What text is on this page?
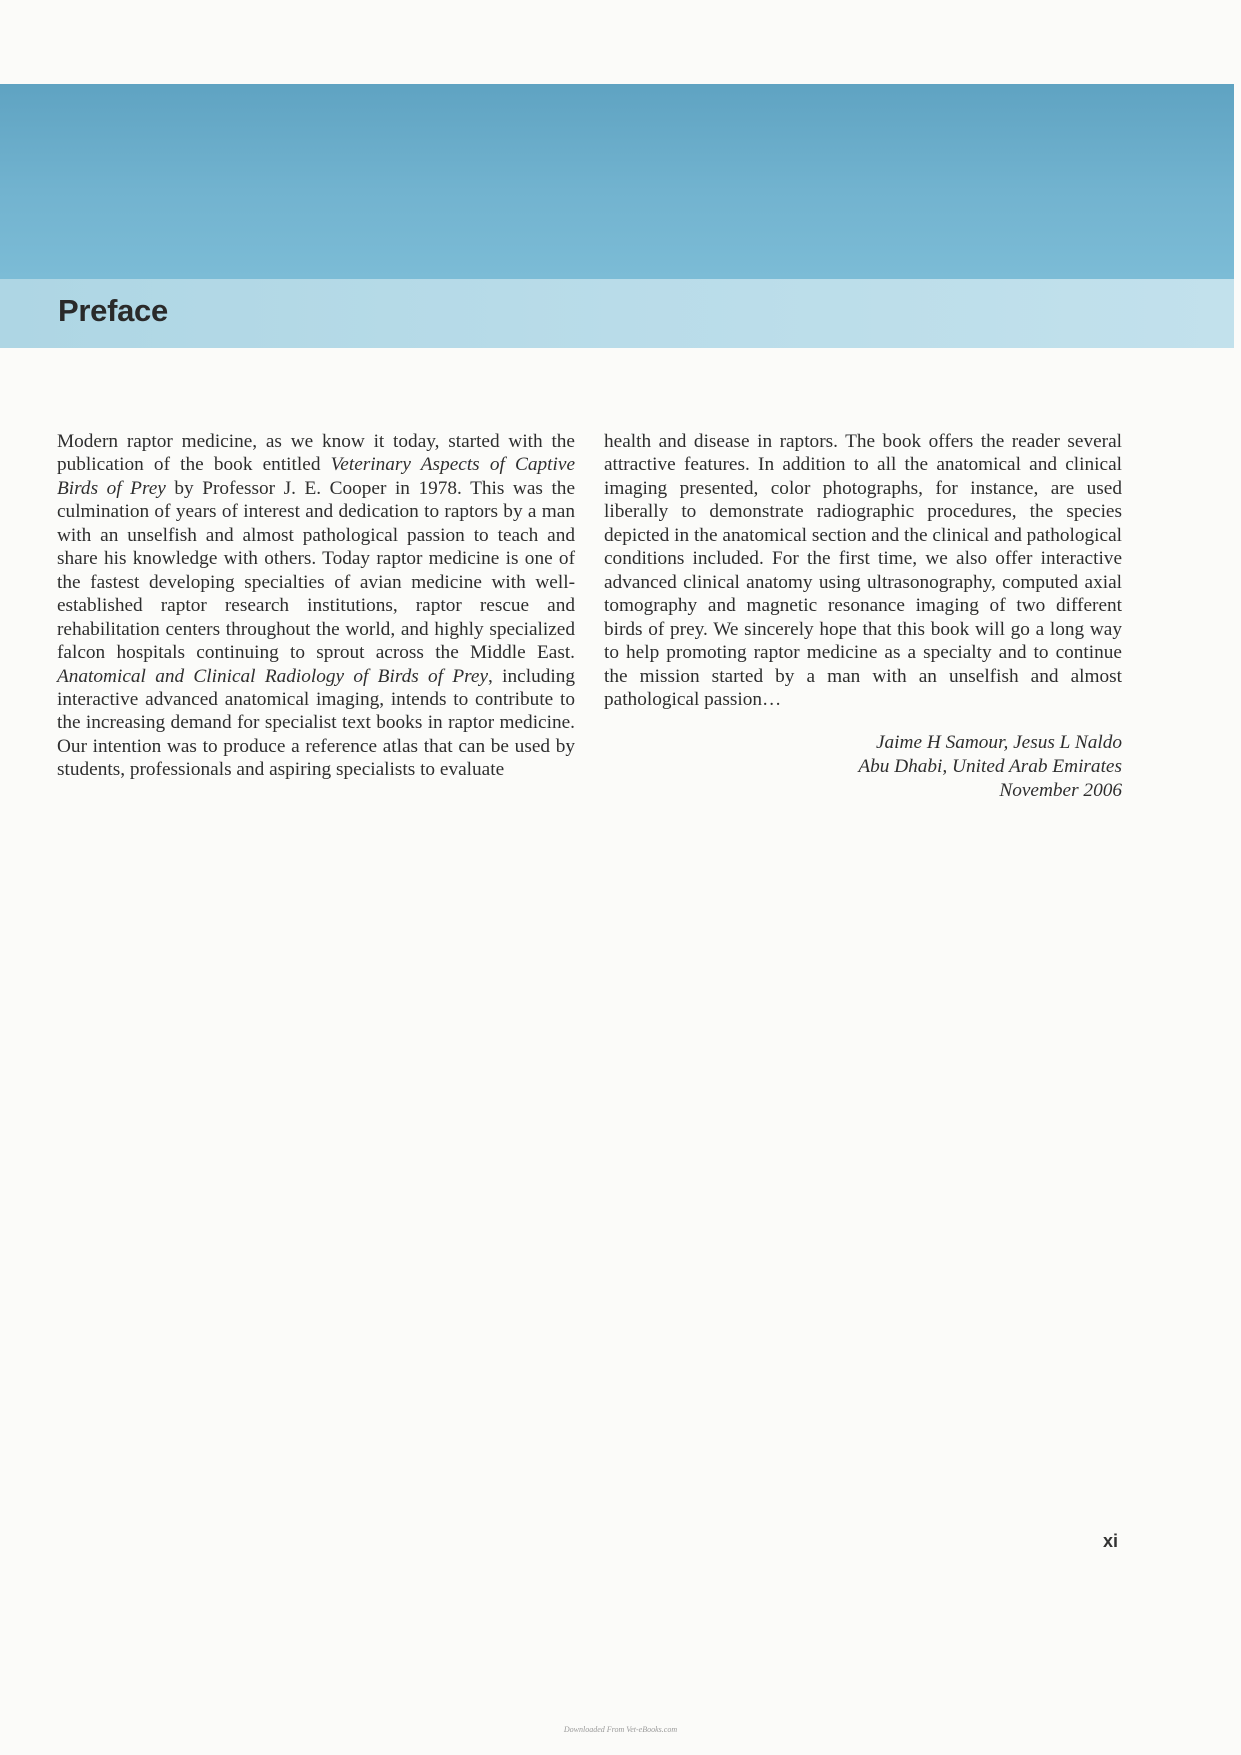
Preface

Modern raptor medicine, as we know it today, started with the publication of the book entitled Veterinary Aspects of Captive Birds of Prey by Professor J. E. Cooper in 1978. This was the culmination of years of interest and dedication to raptors by a man with an unselfish and almost pathological passion to teach and share his knowledge with others. Today raptor medicine is one of the fastest developing specialties of avian medicine with well-established raptor research institutions, raptor rescue and rehabilitation centers throughout the world, and highly specialized falcon hospitals continuing to sprout across the Middle East. Anatomical and Clinical Radiology of Birds of Prey, including interactive advanced anatomical imaging, intends to contribute to the increasing demand for specialist text books in raptor medicine. Our intention was to produce a reference atlas that can be used by students, professionals and aspiring specialists to evaluate

health and disease in raptors. The book offers the reader several attractive features. In addition to all the anatomical and clinical imaging presented, color photographs, for instance, are used liberally to demonstrate radiographic procedures, the species depicted in the anatomical section and the clinical and pathological conditions included. For the first time, we also offer interactive advanced clinical anatomy using ultrasonography, computed axial tomography and magnetic resonance imaging of two different birds of prey. We sincerely hope that this book will go a long way to help promoting raptor medicine as a specialty and to continue the mission started by a man with an unselfish and almost pathological passion…

Jaime H Samour, Jesus L Naldo
Abu Dhabi, United Arab Emirates
November 2006
xi
Downloaded From Vet-eBooks.com
